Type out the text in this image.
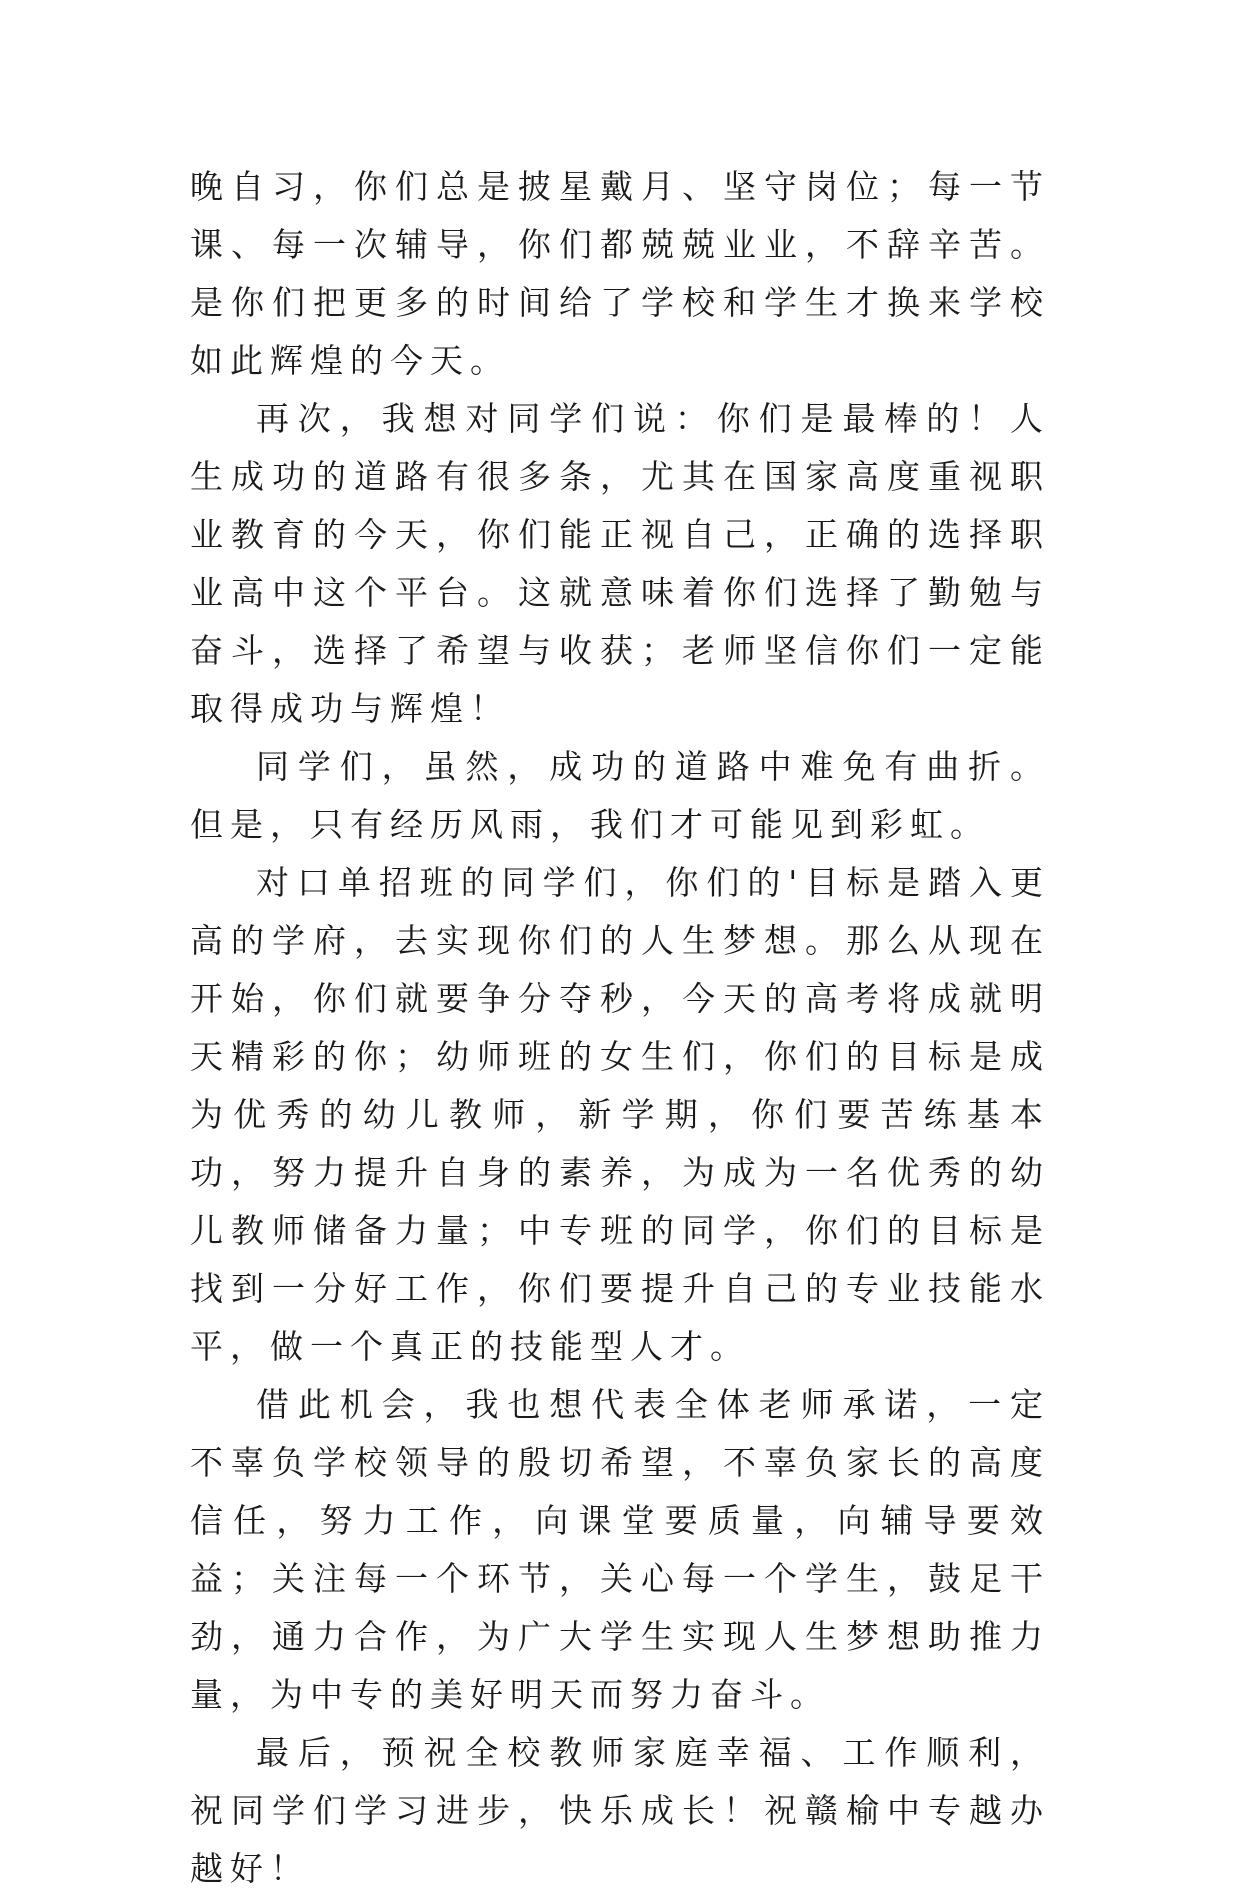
晚自习，你们总是披星戴月、坚守岗位；每一节课、每一次辅导，你们都兢兢业业，不辞辛苦。是你们把更多的时间给了学校和学生才换来学校如此辉煌的今天。

再次，我想对同学们说：你们是最棒的！人生成功的道路有很多条，尤其在国家高度重视职业教育的今天，你们能正视自己，正确的选择职业高中这个平台。这就意味着你们选择了勤勉与奋斗，选择了希望与收获；老师坚信你们一定能取得成功与辉煌！

同学们，虽然，成功的道路中难免有曲折。但是，只有经历风雨，我们才可能见到彩虹。

对口单招班的同学们，你们的'目标是踏入更高的学府，去实现你们的人生梦想。那么从现在开始，你们就要争分夺秒，今天的高考将成就明天精彩的你；幼师班的女生们，你们的目标是成为优秀的幼儿教师，新学期，你们要苦练基本功，努力提升自身的素养，为成为一名优秀的幼儿教师储备力量；中专班的同学，你们的目标是找到一分好工作，你们要提升自己的专业技能水平，做一个真正的技能型人才。

借此机会，我也想代表全体老师承诺，一定不辜负学校领导的殷切希望，不辜负家长的高度信任，努力工作，向课堂要质量，向辅导要效益；关注每一个环节，关心每一个学生，鼓足干劲，通力合作，为广大学生实现人生梦想助推力量，为中专的美好明天而努力奋斗。

最后，预祝全校教师家庭幸福、工作顺利，祝同学们学习进步，快乐成长！祝赣榆中专越办越好！
